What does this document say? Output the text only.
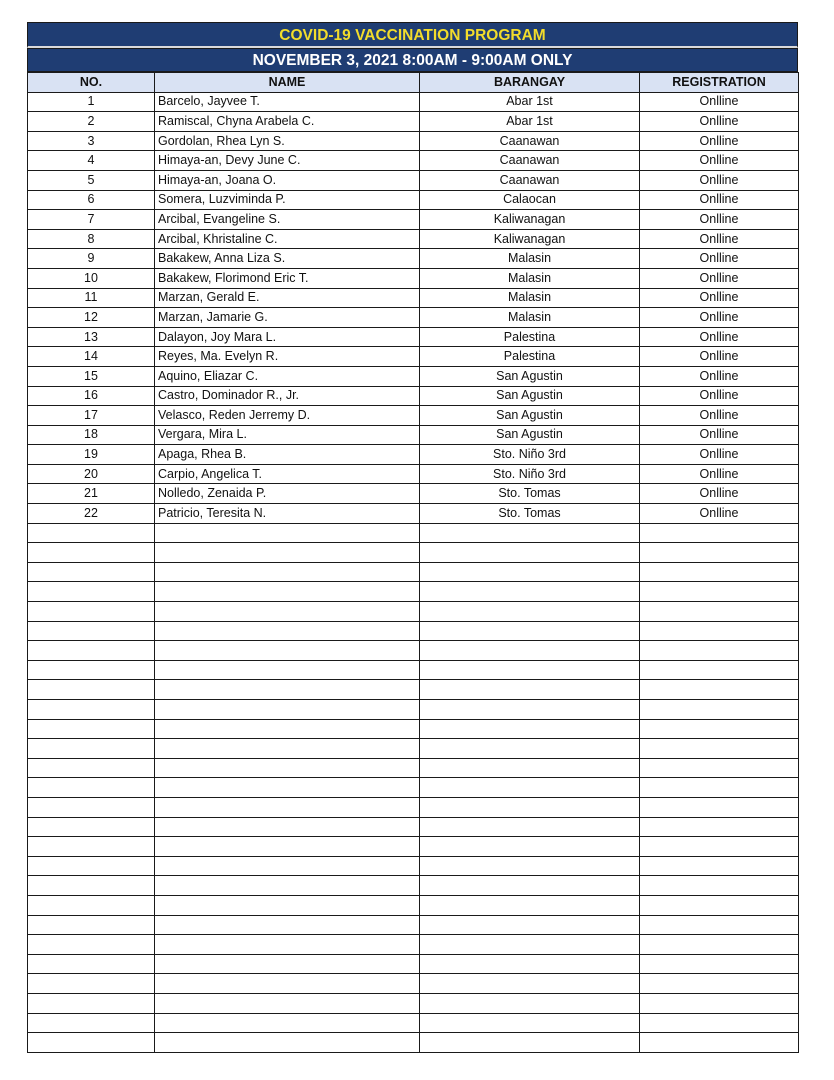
COVID-19 VACCINATION PROGRAM
NOVEMBER 3, 2021 8:00AM - 9:00AM ONLY
NO.	NAME	BARANGAY	REGISTRATION
1	Barcelo, Jayvee T.	Abar 1st	Onlline
2	Ramiscal, Chyna Arabela C.	Abar 1st	Onlline
3	Gordolan, Rhea Lyn S.	Caanawan	Onlline
4	Himaya-an, Devy June C.	Caanawan	Onlline
5	Himaya-an, Joana O.	Caanawan	Onlline
6	Somera, Luzviminda P.	Calaocan	Onlline
7	Arcibal, Evangeline S.	Kaliwanagan	Onlline
8	Arcibal, Khristaline C.	Kaliwanagan	Onlline
9	Bakakew, Anna Liza S.	Malasin	Onlline
10	Bakakew, Florimond Eric T.	Malasin	Onlline
11	Marzan, Gerald E.	Malasin	Onlline
12	Marzan, Jamarie G.	Malasin	Onlline
13	Dalayon, Joy Mara L.	Palestina	Onlline
14	Reyes, Ma. Evelyn R.	Palestina	Onlline
15	Aquino, Eliazar C.	San Agustin	Onlline
16	Castro, Dominador R., Jr.	San Agustin	Onlline
17	Velasco, Reden Jerremy D.	San Agustin	Onlline
18	Vergara, Mira L.	San Agustin	Onlline
19	Apaga, Rhea B.	Sto. Niño 3rd	Onlline
20	Carpio, Angelica T.	Sto. Niño 3rd	Onlline
21	Nolledo, Zenaida P.	Sto. Tomas	Onlline
22	Patricio, Teresita N.	Sto. Tomas	Onlline
